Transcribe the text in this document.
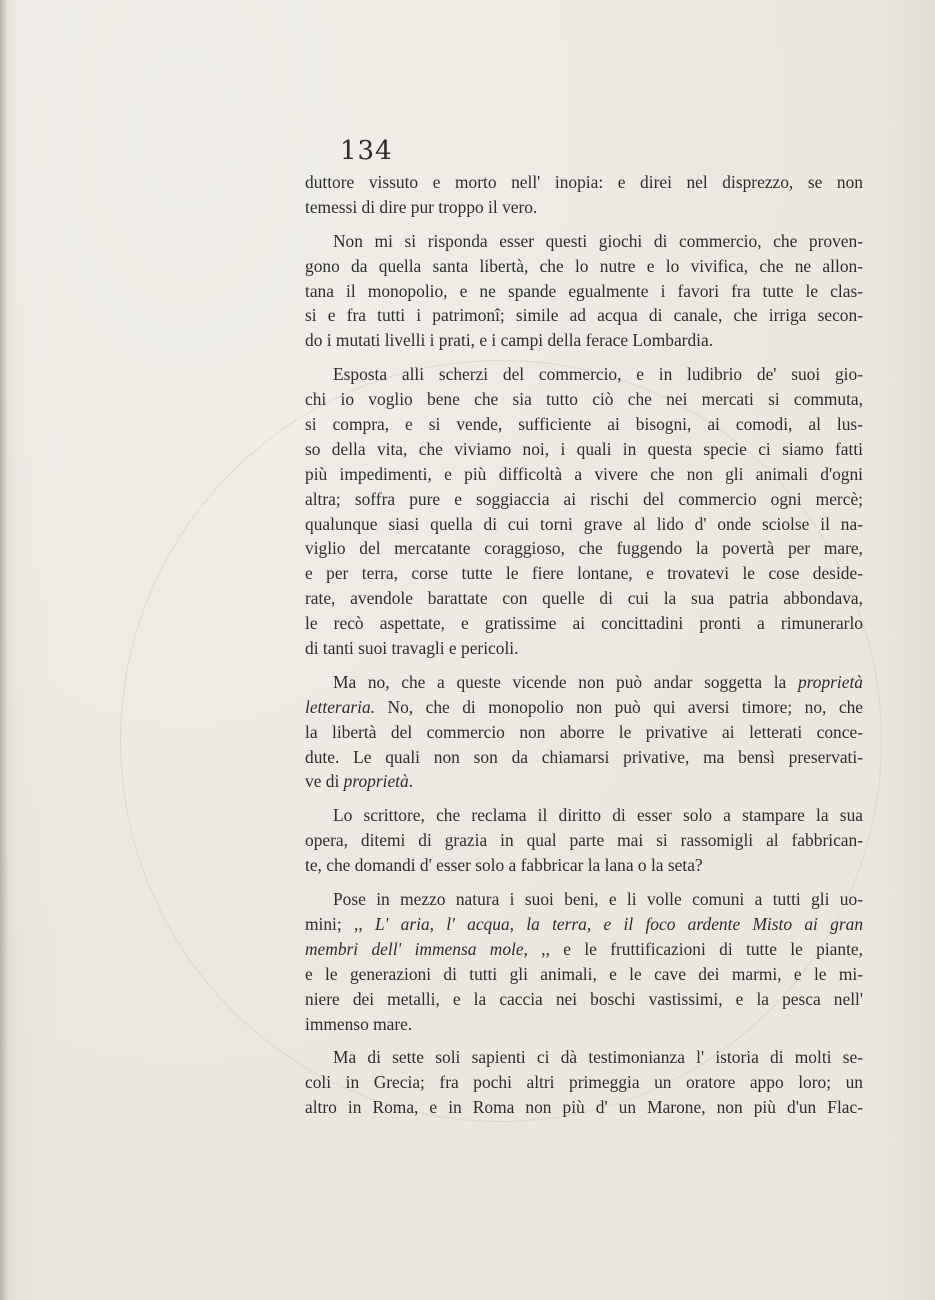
134
duttore vissuto e morto nell' inopia: e direi nel disprezzo, se non
temessi di dire pur troppo il vero.
Non mi si risponda esser questi giochi di commercio, che proven-
gono da quella santa libertà, che lo nutre e lo vivifica, che ne allon-
tana il monopolio, e ne spande egualmente i favori fra tutte le clas-
si e fra tutti i patrimonî; simile ad acqua di canale, che irriga secon-
do i mutati livelli i prati, e i campi della ferace Lombardia.
Esposta alli scherzi del commercio, e in ludibrio de' suoi gio-
chi io voglio bene che sia tutto ciò che nei mercati si commuta,
si compra, e si vende, sufficiente ai bisogni, ai comodi, al lus-
so della vita, che viviamo noi, i quali in questa specie ci siamo fatti
più impedimenti, e più difficoltà a vivere che non gli animali d'ogni
altra; soffra pure e soggiaccia ai rischi del commercio ogni mercè;
qualunque siasi quella di cui torni grave al lido d' onde sciolse il na-
viglio del mercatante coraggioso, che fuggendo la povertà per mare,
e per terra, corse tutte le fiere lontane, e trovatevi le cose deside-
rate, avendole barattate con quelle di cui la sua patria abbondava,
le recò aspettate, e gratissime ai concittadini pronti a rimunerarlo
di tanti suoi travagli e pericoli.
Ma no, che a queste vicende non può andar soggetta la proprietà
letteraria. No, che di monopolio non può qui aversi timore; no, che
la libertà del commercio non aborre le privative ai letterati conce-
dute. Le quali non son da chiamarsi privative, ma bensì preservati-
ve di proprietà.
Lo scrittore, che reclama il diritto di esser solo a stampare la sua
opera, ditemi di grazia in qual parte mai si rassomigli al fabbrican-
te, che domandi d' esser solo a fabbricar la lana o la seta?
Pose in mezzo natura i suoi beni, e li volle comuni a tutti gli uo-
mini; ,, L' aria, l' acqua, la terra, e il foco ardente Misto ai gran
membri dell' immensa mole, ,, e le fruttificazioni di tutte le piante,
e le generazioni di tutti gli animali, e le cave dei marmi, e le mi-
niere dei metalli, e la caccia nei boschi vastissimi, e la pesca nell'
immenso mare.
Ma di sette soli sapienti ci dà testimonianza l' istoria di molti se-
coli in Grecia; fra pochi altri primeggia un oratore appo loro; un
altro in Roma, e in Roma non più d' un Marone, non più d'un Flac-
